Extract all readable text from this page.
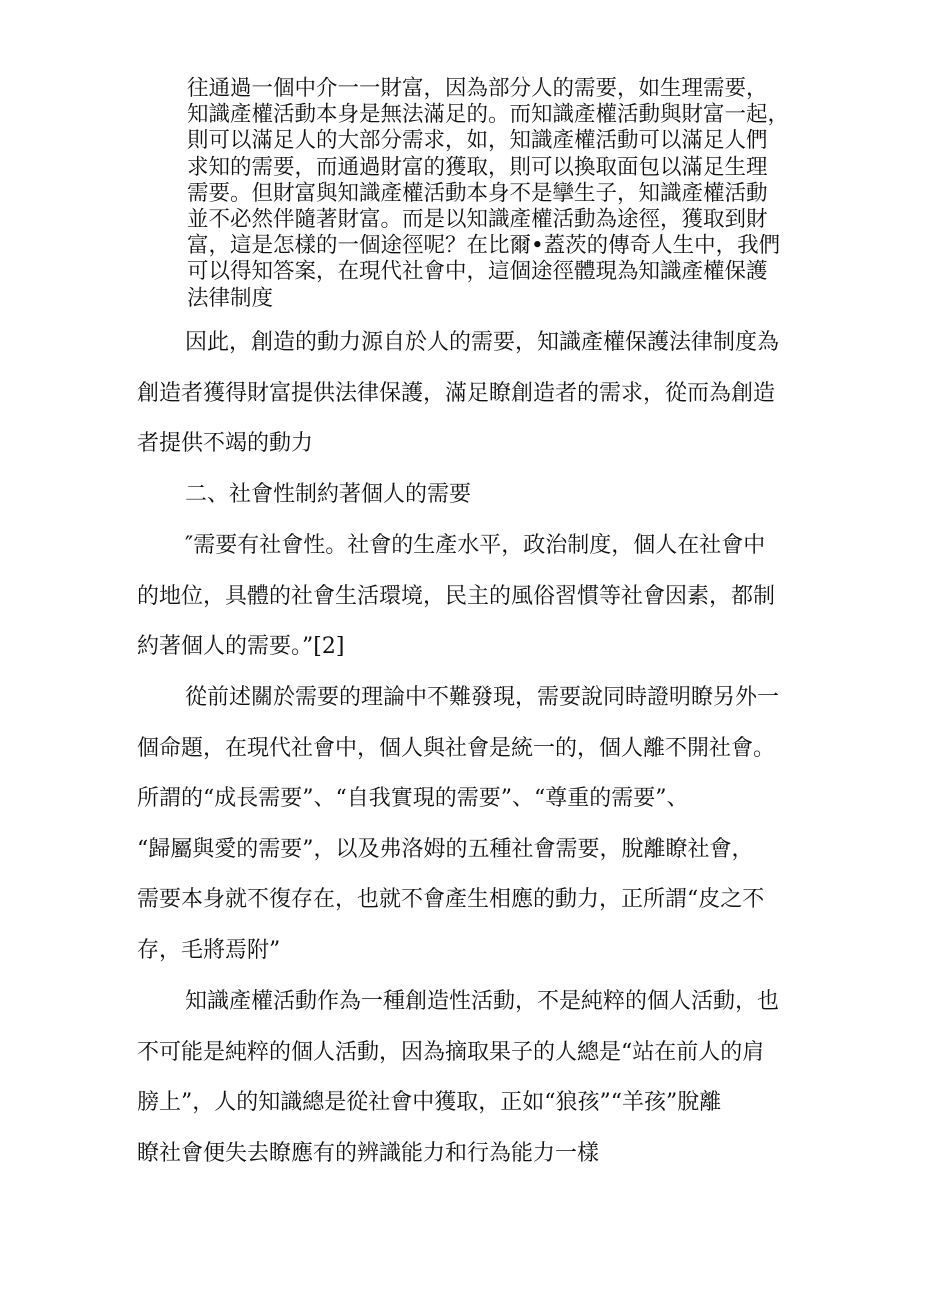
往通過一個中介一一財富，因為部分人的需要，如生理需要，
知識產權活動本身是無法滿足的。而知識產權活動與財富一起，
則可以滿足人的大部分需求，如，知識產權活動可以滿足人們
求知的需要，而通過財富的獲取，則可以換取面包以滿足生理
需要。但財富與知識產權活動本身不是攣生子，知識產權活動
並不必然伴隨著財富。而是以知識產權活動為途徑，獲取到財
富，這是怎樣的一個途徑呢？在比爾•蓋茨的傳奇人生中，我們
可以得知答案，在現代社會中，這個途徑體現為知識產權保護
法律制度
因此，創造的動力源自於人的需要，知識產權保護法律制度為
創造者獲得財富提供法律保護，滿足瞭創造者的需求，從而為創造
者提供不竭的動力
二、社會性制約著個人的需要
″需要有社會性。社會的生產水平，政治制度，個人在社會中
的地位，具體的社會生活環境，民主的風俗習慣等社會因素，都制
約著個人的需要。”[2]
從前述關於需要的理論中不難發現，需要說同時證明瞭另外一
個命題，在現代社會中，個人與社會是統一的，個人離不開社會。
所謂的“成長需要”、“自我實現的需要”、“尊重的需要”、
“歸屬與愛的需要”，以及弗洛姆的五種社會需要，脫離瞭社會，
需要本身就不復存在，也就不會產生相應的動力，正所謂“皮之不
存，毛將焉附”
知識產權活動作為一種創造性活動，不是純粹的個人活動，也
不可能是純粹的個人活動，因為摘取果子的人總是“站在前人的肩
膀上”，人的知識總是從社會中獲取，正如“狼孩”“羊孩”脫離
瞭社會便失去瞭應有的辨識能力和行為能力一樣
